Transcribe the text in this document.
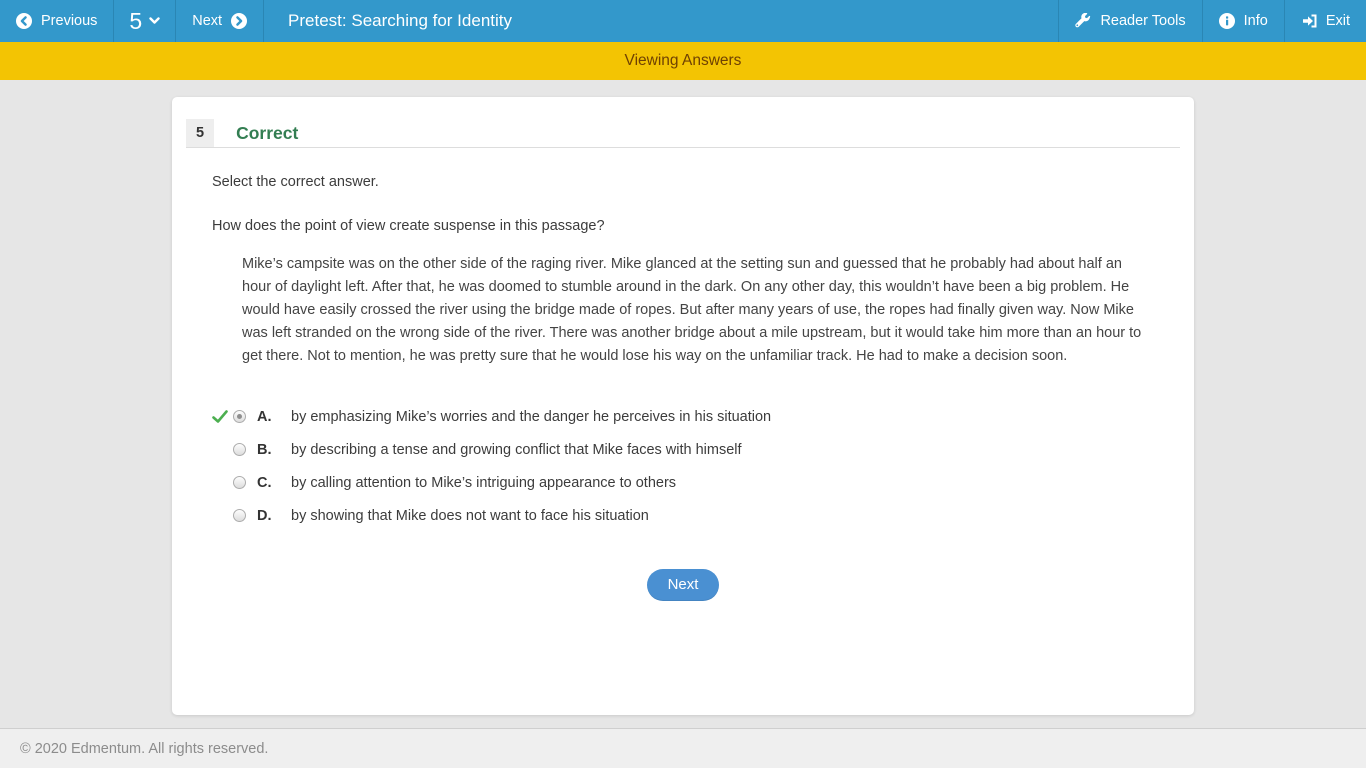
Previous 5	Next	Pretest: Searching for Identity	Reader Tools	Info	Exit
Viewing Answers
5	Correct
Select the correct answer.
How does the point of view create suspense in this passage?
Mike’s campsite was on the other side of the raging river. Mike glanced at the setting sun and guessed that he probably had about half an hour of daylight left. After that, he was doomed to stumble around in the dark. On any other day, this wouldn’t have been a big problem. He would have easily crossed the river using the bridge made of ropes. But after many years of use, the ropes had finally given way. Now Mike was left stranded on the wrong side of the river. There was another bridge about a mile upstream, but it would take him more than an hour to get there. Not to mention, he was pretty sure that he would lose his way on the unfamiliar track. He had to make a decision soon.
A.	by emphasizing Mike’s worries and the danger he perceives in his situation
B.	by describing a tense and growing conflict that Mike faces with himself
C.	by calling attention to Mike’s intriguing appearance to others
D.	by showing that Mike does not want to face his situation
Next
© 2020 Edmentum. All rights reserved.
